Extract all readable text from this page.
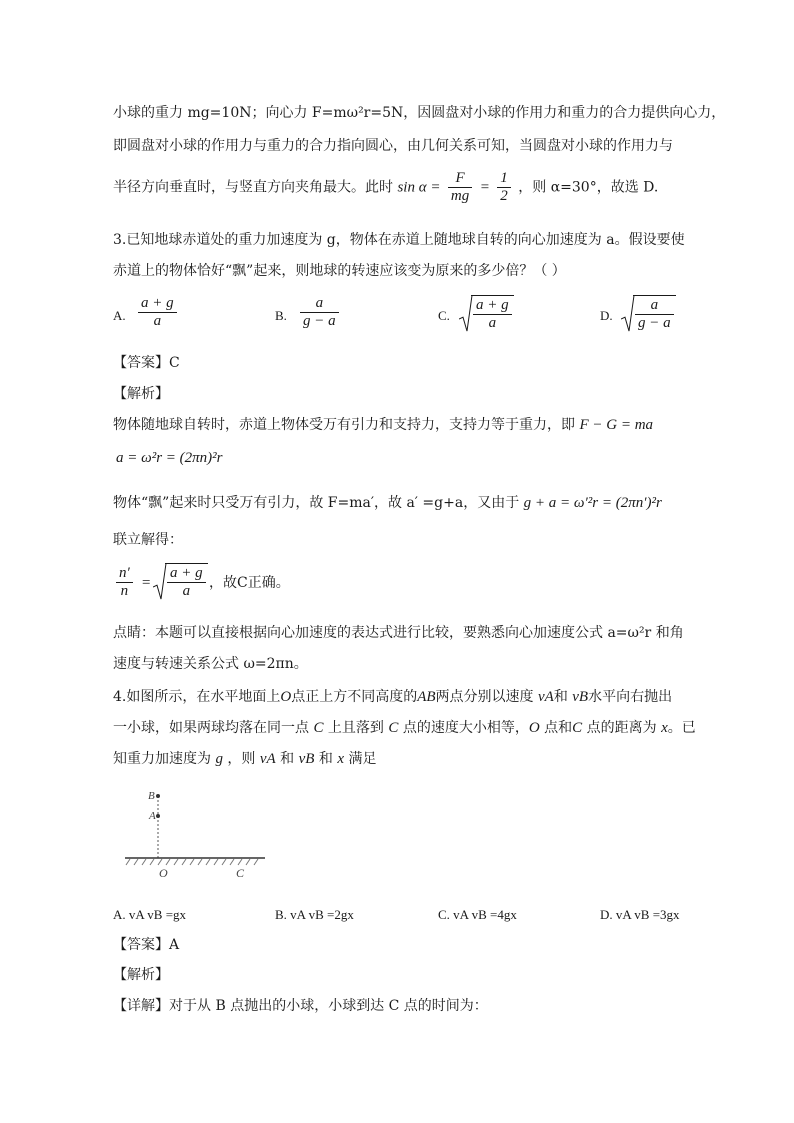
小球的重力 mg=10N；向心力 F=mω²r=5N，因圆盘对小球的作用力和重力的合力提供向心力，
即圆盘对小球的作用力与重力的合力指向圆心，由几何关系可知，当圆盘对小球的作用力与
半径方向垂直时，与竖直方向夹角最大。此时 $\sin \alpha = \frac{F}{mg} = \frac{1}{2}$ ，则 α=30°，故选 D.
3.已知地球赤道处的重力加速度为 g，物体在赤道上随地球自转的向心加速度为 a。假设要使
赤道上的物体恰好“飘”起来，则地球的转速应该变为原来的多少倍？（ ）
A. $\frac{a + g}{a}$	B. $\frac{a}{g - a}$	C. $\frac{a + g}{a}$	D. $\frac{a}{g - a}$
【答案】C
【解析】
物体随地球自转时，赤道上物体受万有引力和支持力，支持力等于重力，即 F − G = ma
a = ω²r = (2πn)²r
物体“飘”起来时只受万有引力，故 F=ma′，故 a′ =g+a，又由于 g + a = ω′²r = (2πn′)²r
联立解得：
$\frac{n'}{n} = \frac{a + g}{a}$ ，故C正确。
点睛：本题可以直接根据向心加速度的表达式进行比较，要熟悉向心加速度公式 a=ω²r 和角
速度与转速关系公式 ω=2πn。
4.如图所示，在水平地面上O点正上方不同高度的AB两点分别以速度 vA和 vB水平向右抛出
一小球，如果两球均落在同一点 C 上且落到 C 点的速度大小相等，O 点和C 点的距离为 x。已
知重力加速度为 g ，则 vA 和 vB 和 x 满足
B
A
O	C
A. vA vB =gx	B. vA vB =2gx	C. vA vB =4gx	D. vA vB =3gx
【答案】A
【解析】
【详解】对于从 B 点抛出的小球，小球到达 C 点的时间为：
